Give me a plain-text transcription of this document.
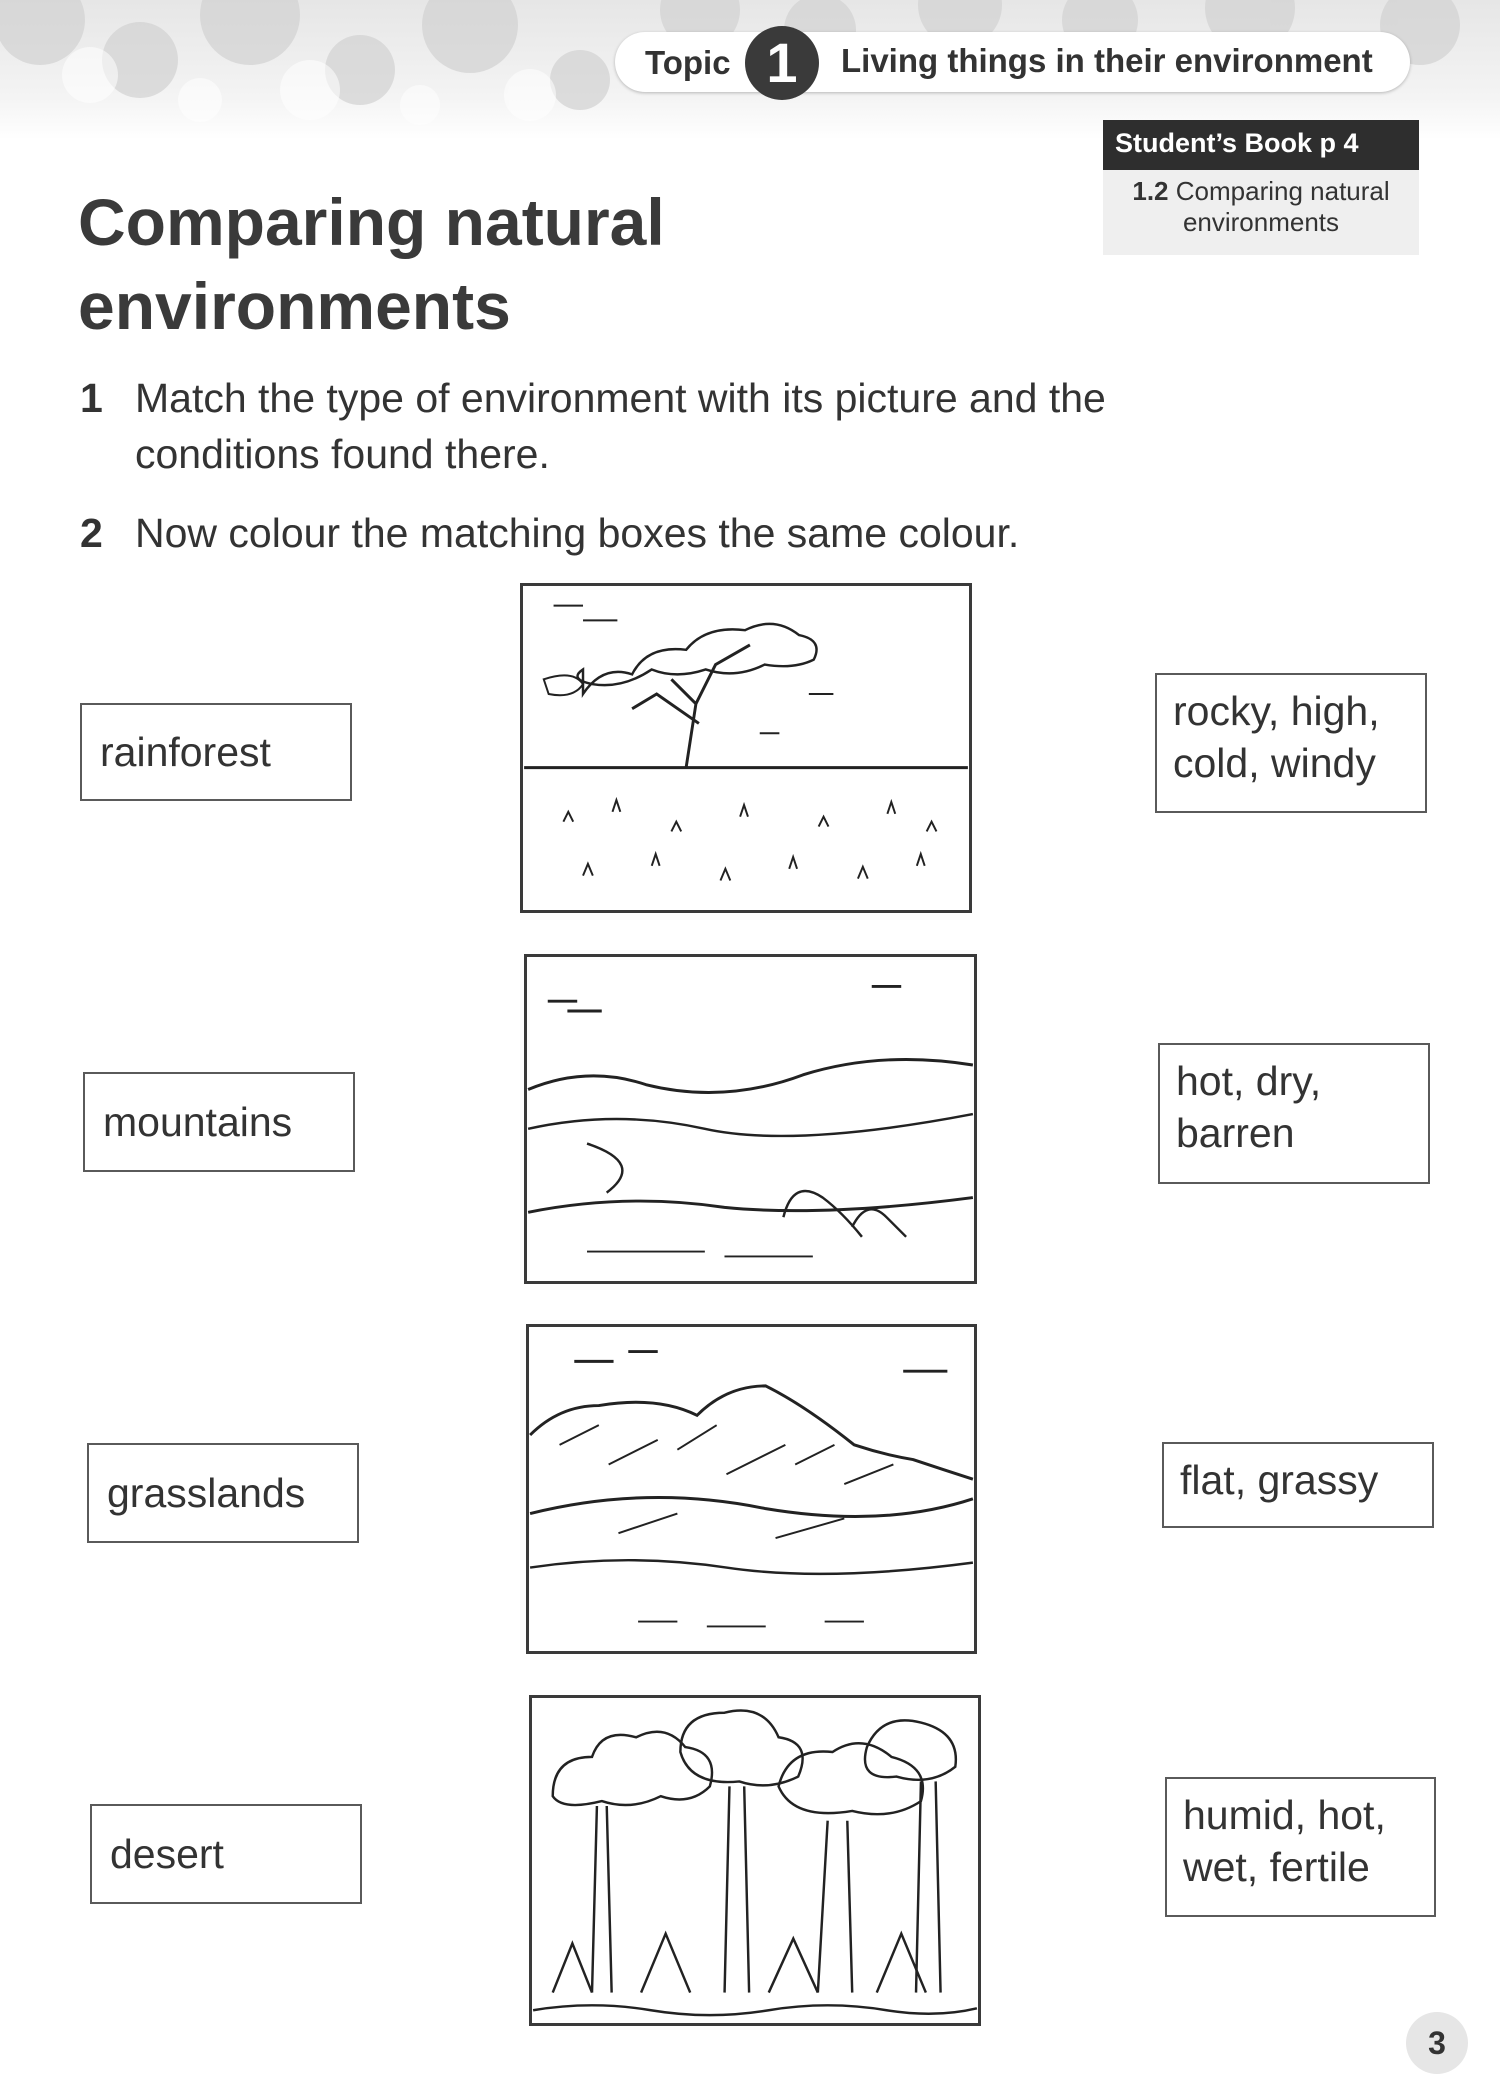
Topic 1	Living things in their environment
Student’s Book p 4
1.2 Comparing natural environments
Comparing natural environments
1 Match the type of environment with its picture and the conditions found there.
2 Now colour the matching boxes the same colour.
rainforest
mountains
grasslands
desert
rocky, high,
cold, windy
hot, dry,
barren
flat, grassy
humid, hot,
wet, fertile
3
